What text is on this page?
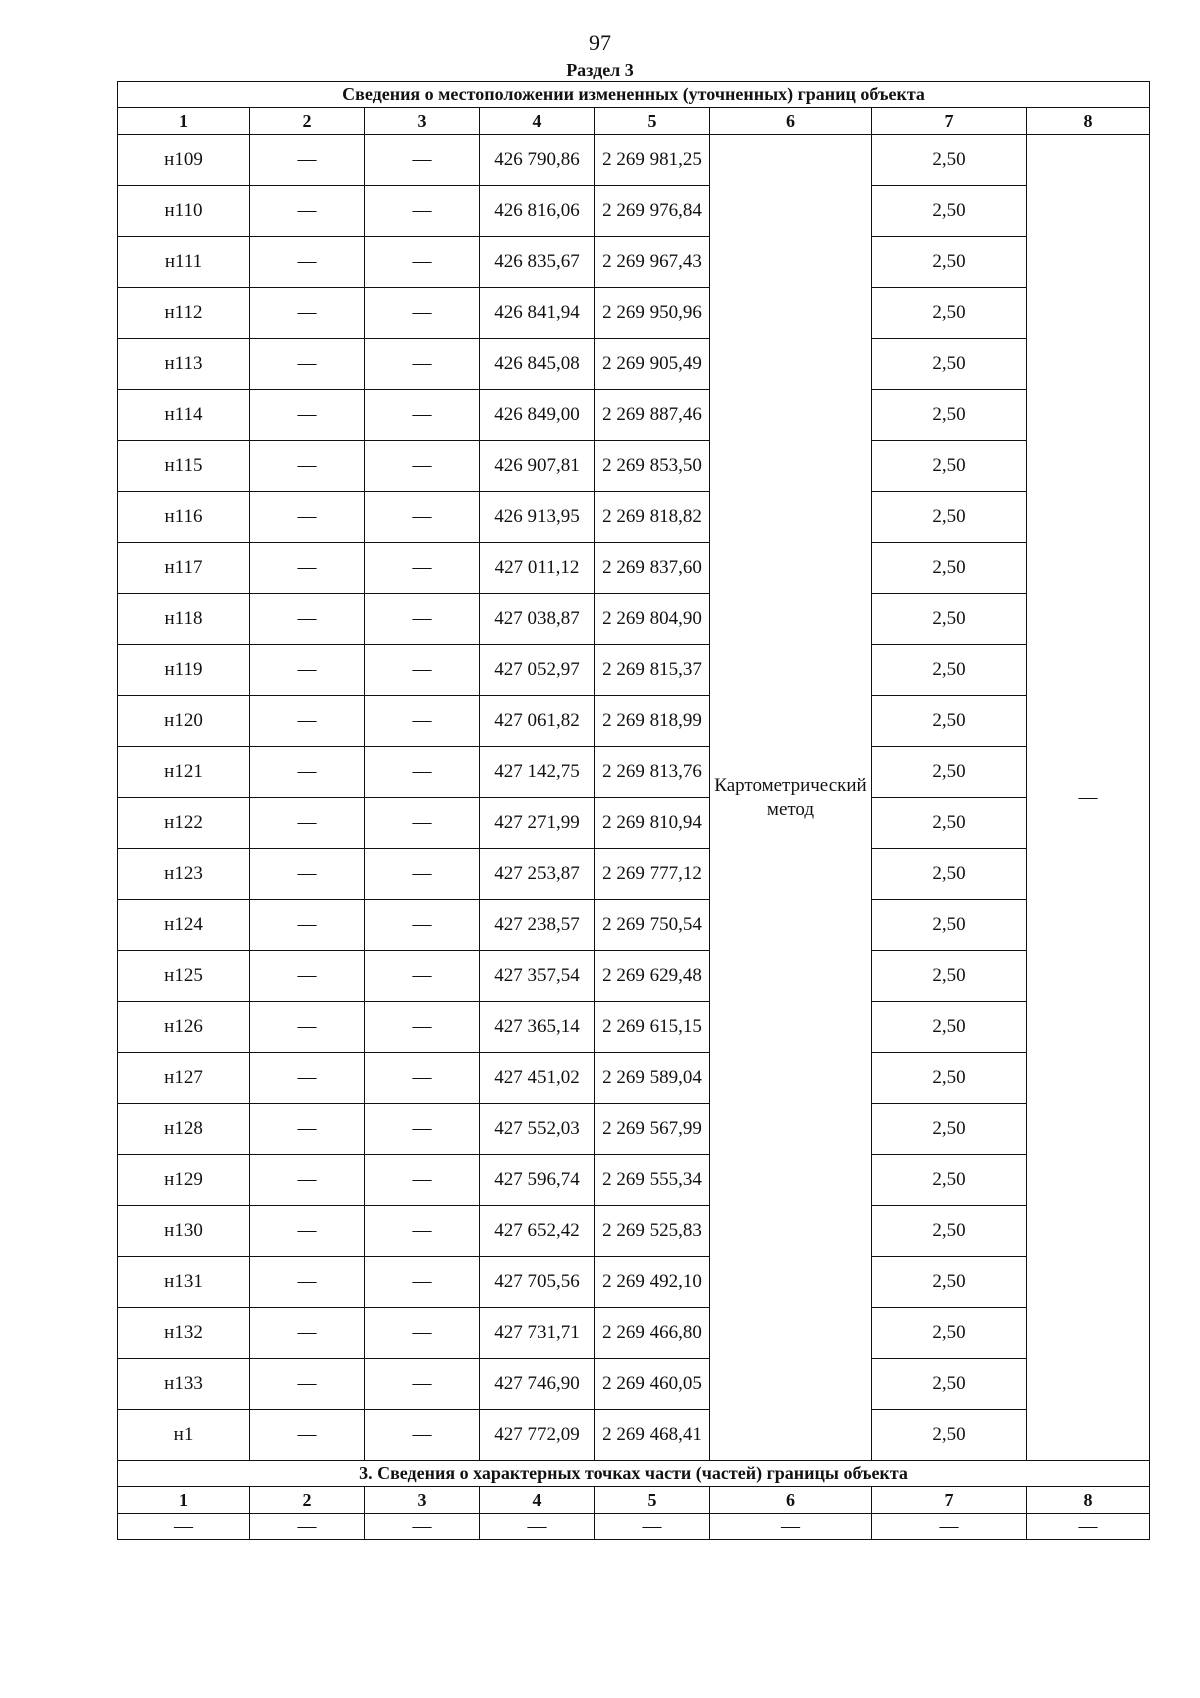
97
Раздел 3
Сведения о местоположении измененных (уточненных) границ объекта							
1	2	3	4	5	6	7	8
н109	—	—	426 790,86	2 269 981,25	Картометрический метод	2,50	—
н110	—	—	426 816,06	2 269 976,84		2,50	
н111	—	—	426 835,67	2 269 967,43		2,50	
н112	—	—	426 841,94	2 269 950,96		2,50	
н113	—	—	426 845,08	2 269 905,49		2,50	
н114	—	—	426 849,00	2 269 887,46		2,50	
н115	—	—	426 907,81	2 269 853,50		2,50	
н116	—	—	426 913,95	2 269 818,82		2,50	
н117	—	—	427 011,12	2 269 837,60		2,50	
н118	—	—	427 038,87	2 269 804,90		2,50	
н119	—	—	427 052,97	2 269 815,37		2,50	
н120	—	—	427 061,82	2 269 818,99		2,50	
н121	—	—	427 142,75	2 269 813,76		2,50	
н122	—	—	427 271,99	2 269 810,94		2,50	
н123	—	—	427 253,87	2 269 777,12		2,50	
н124	—	—	427 238,57	2 269 750,54		2,50	
н125	—	—	427 357,54	2 269 629,48		2,50	
н126	—	—	427 365,14	2 269 615,15		2,50	
н127	—	—	427 451,02	2 269 589,04		2,50	
н128	—	—	427 552,03	2 269 567,99		2,50	
н129	—	—	427 596,74	2 269 555,34		2,50	
н130	—	—	427 652,42	2 269 525,83		2,50	
н131	—	—	427 705,56	2 269 492,10		2,50	
н132	—	—	427 731,71	2 269 466,80		2,50	
н133	—	—	427 746,90	2 269 460,05		2,50	
н1	—	—	427 772,09	2 269 468,41		2,50	
3. Сведения о характерных точках части (частей) границы объекта							
1	2	3	4	5	6	7	8
—	—	—	—	—	—	—	—
